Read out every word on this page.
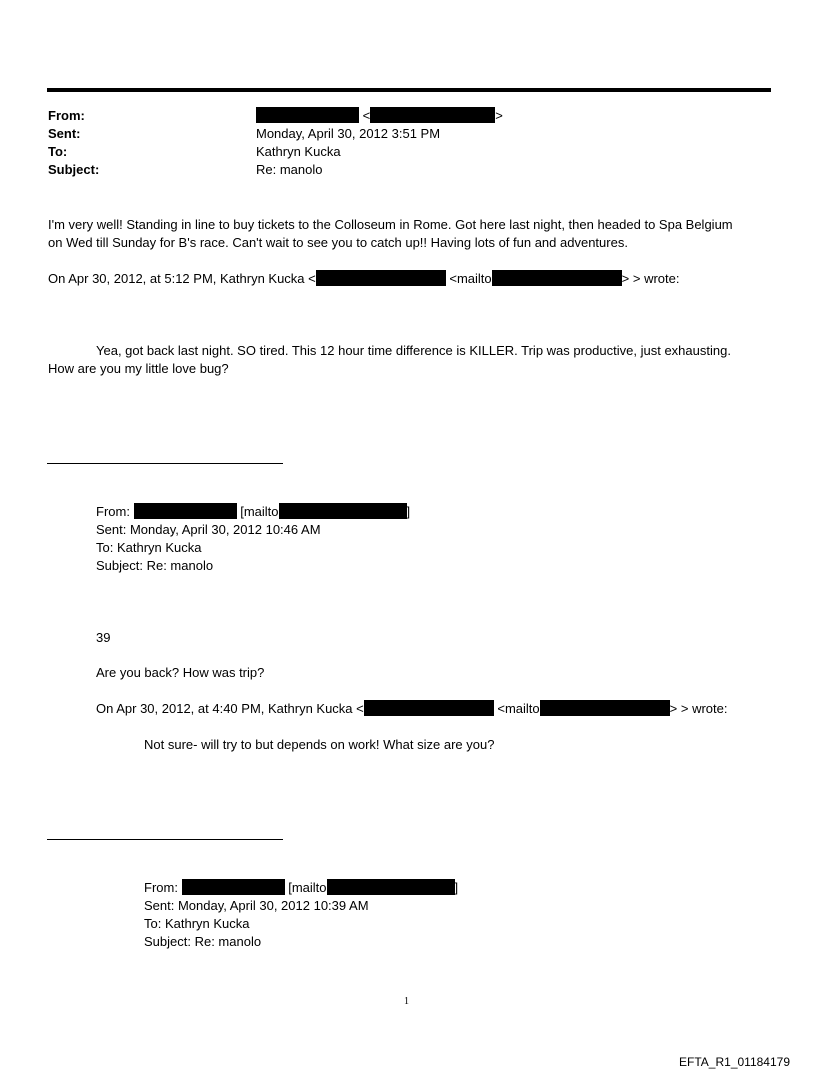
From:	<	>
Sent:	Monday, April 30, 2012 3:51 PM
To:	Kathryn Kucka
Subject:	Re: manolo
I'm very well! Standing in line to buy tickets to the Colloseum in Rome. Got here last night, then headed to Spa Belgium
on Wed till Sunday for B's race. Can't wait to see you to catch up!! Having lots of fun and adventures.
On Apr 30, 2012, at 5:12 PM, Kathryn Kucka <	<mailto	> > wrote:
Yea, got back last night. SO tired. This 12 hour time difference is KILLER. Trip was productive, just exhausting.
How are you my little love bug?
From:	[mailto	]
Sent: Monday, April 30, 2012 10:46 AM
To: Kathryn Kucka
Subject: Re: manolo
39
Are you back? How was trip?
On Apr 30, 2012, at 4:40 PM, Kathryn Kucka <	<mailto	> > wrote:
Not sure- will try to but depends on work! What size are you?
From:	[mailto	]
Sent: Monday, April 30, 2012 10:39 AM
To: Kathryn Kucka
Subject: Re: manolo
1
EFTA_R1_01184179
